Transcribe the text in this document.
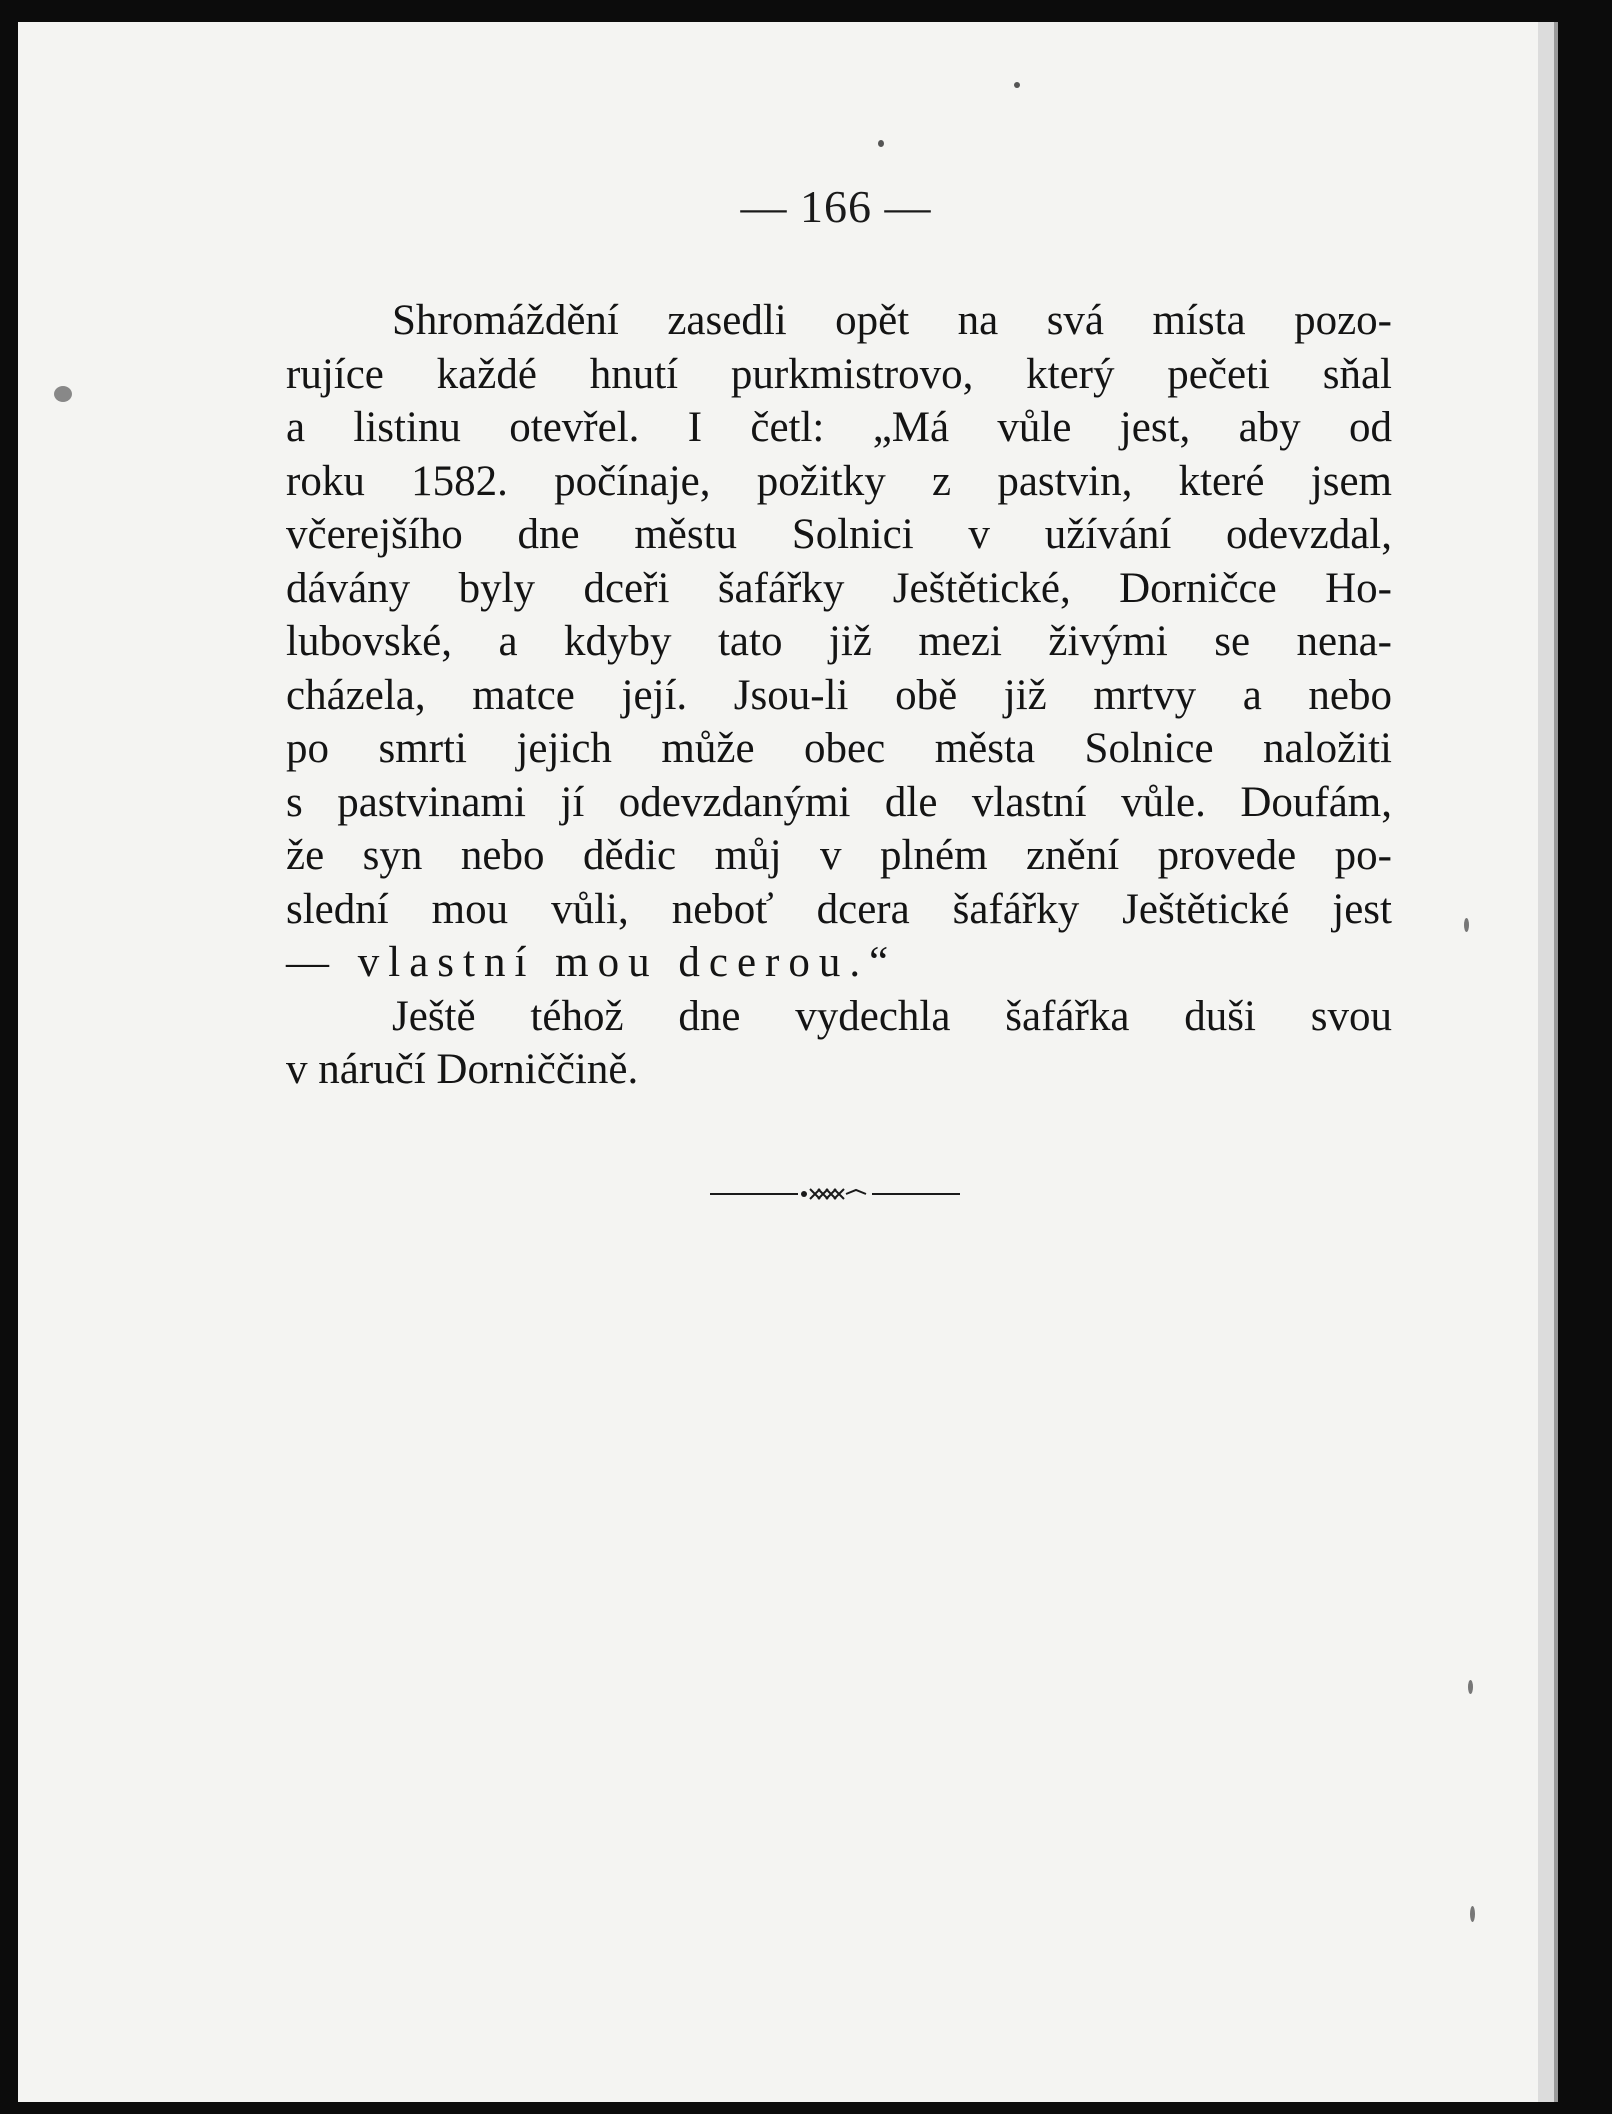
— 166 —
Shromáždění zasedli opět na svá místa pozo-
rujíce každé hnutí purkmistrovo, který pečeti sňal
a listinu otevřel. I četl: „Má vůle jest, aby od
roku 1582. počínaje, požitky z pastvin, které jsem
včerejšího dne městu Solnici v užívání odevzdal,
dávány byly dceři šafářky Ještětické, Dorničce Ho-
lubovské, a kdyby tato již mezi živými se nena-
cházela, matce její. Jsou-li obě již mrtvy a nebo
po smrti jejich může obec města Solnice naložiti
s pastvinami jí odevzdanými dle vlastní vůle. Doufám,
že syn nebo dědic můj v plném znění provede po-
slední mou vůli, neboť dcera šafářky Ještětické jest
— vlastní mou dcerou.“
Ještě téhož dne vydechla šafářka duši svou
v náručí Dorniččině.
